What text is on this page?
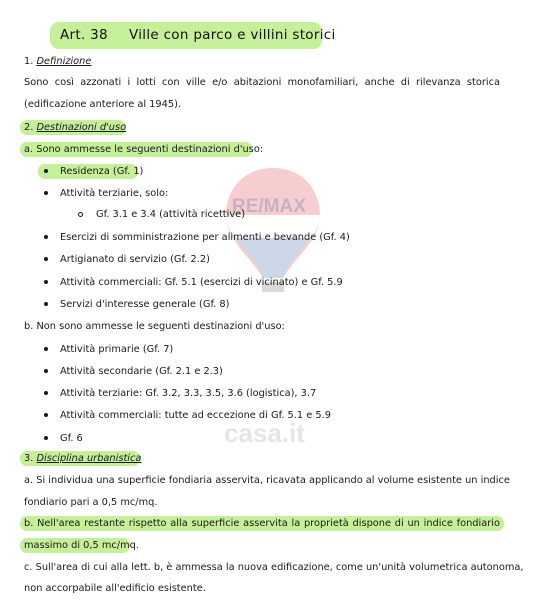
RE/MAX
casa.it
Art. 38 Ville con parco e villini storici
1. Definizione
Sono così azzonati i lotti con ville e/o abitazioni monofamiliari, anche di rilevanza storica
(edificazione anteriore al 1945).
2. Destinazioni d'uso
a. Sono ammesse le seguenti destinazioni d'uso:
Residenza (Gf. 1)
Attività terziarie, solo:
Gf. 3.1 e 3.4 (attività ricettive)
Esercizi di somministrazione per alimenti e bevande (Gf. 4)
Artigianato di servizio (Gf. 2.2)
Attività commerciali: Gf. 5.1 (esercizi di vicinato) e Gf. 5.9
Servizi d'interesse generale (Gf. 8)
b. Non sono ammesse le seguenti destinazioni d'uso:
Attività primarie (Gf. 7)
Attività secondarie (Gf. 2.1 e 2.3)
Attività terziarie: Gf. 3.2, 3.3, 3.5, 3.6 (logistica), 3.7
Attività commerciali: tutte ad eccezione di Gf. 5.1 e 5.9
Gf. 6
3. Disciplina urbanistica
a. Si individua una superficie fondiaria asservita, ricavata applicando al volume esistente un indice
fondiario pari a 0,5 mc/mq.
b. Nell'area restante rispetto alla superficie asservita la proprietà dispone di un indice fondiario
massimo di 0,5 mc/mq.
c. Sull'area di cui alla lett. b, è ammessa la nuova edificazione, come un'unità volumetrica autonoma,
non accorpabile all'edificio esistente.
